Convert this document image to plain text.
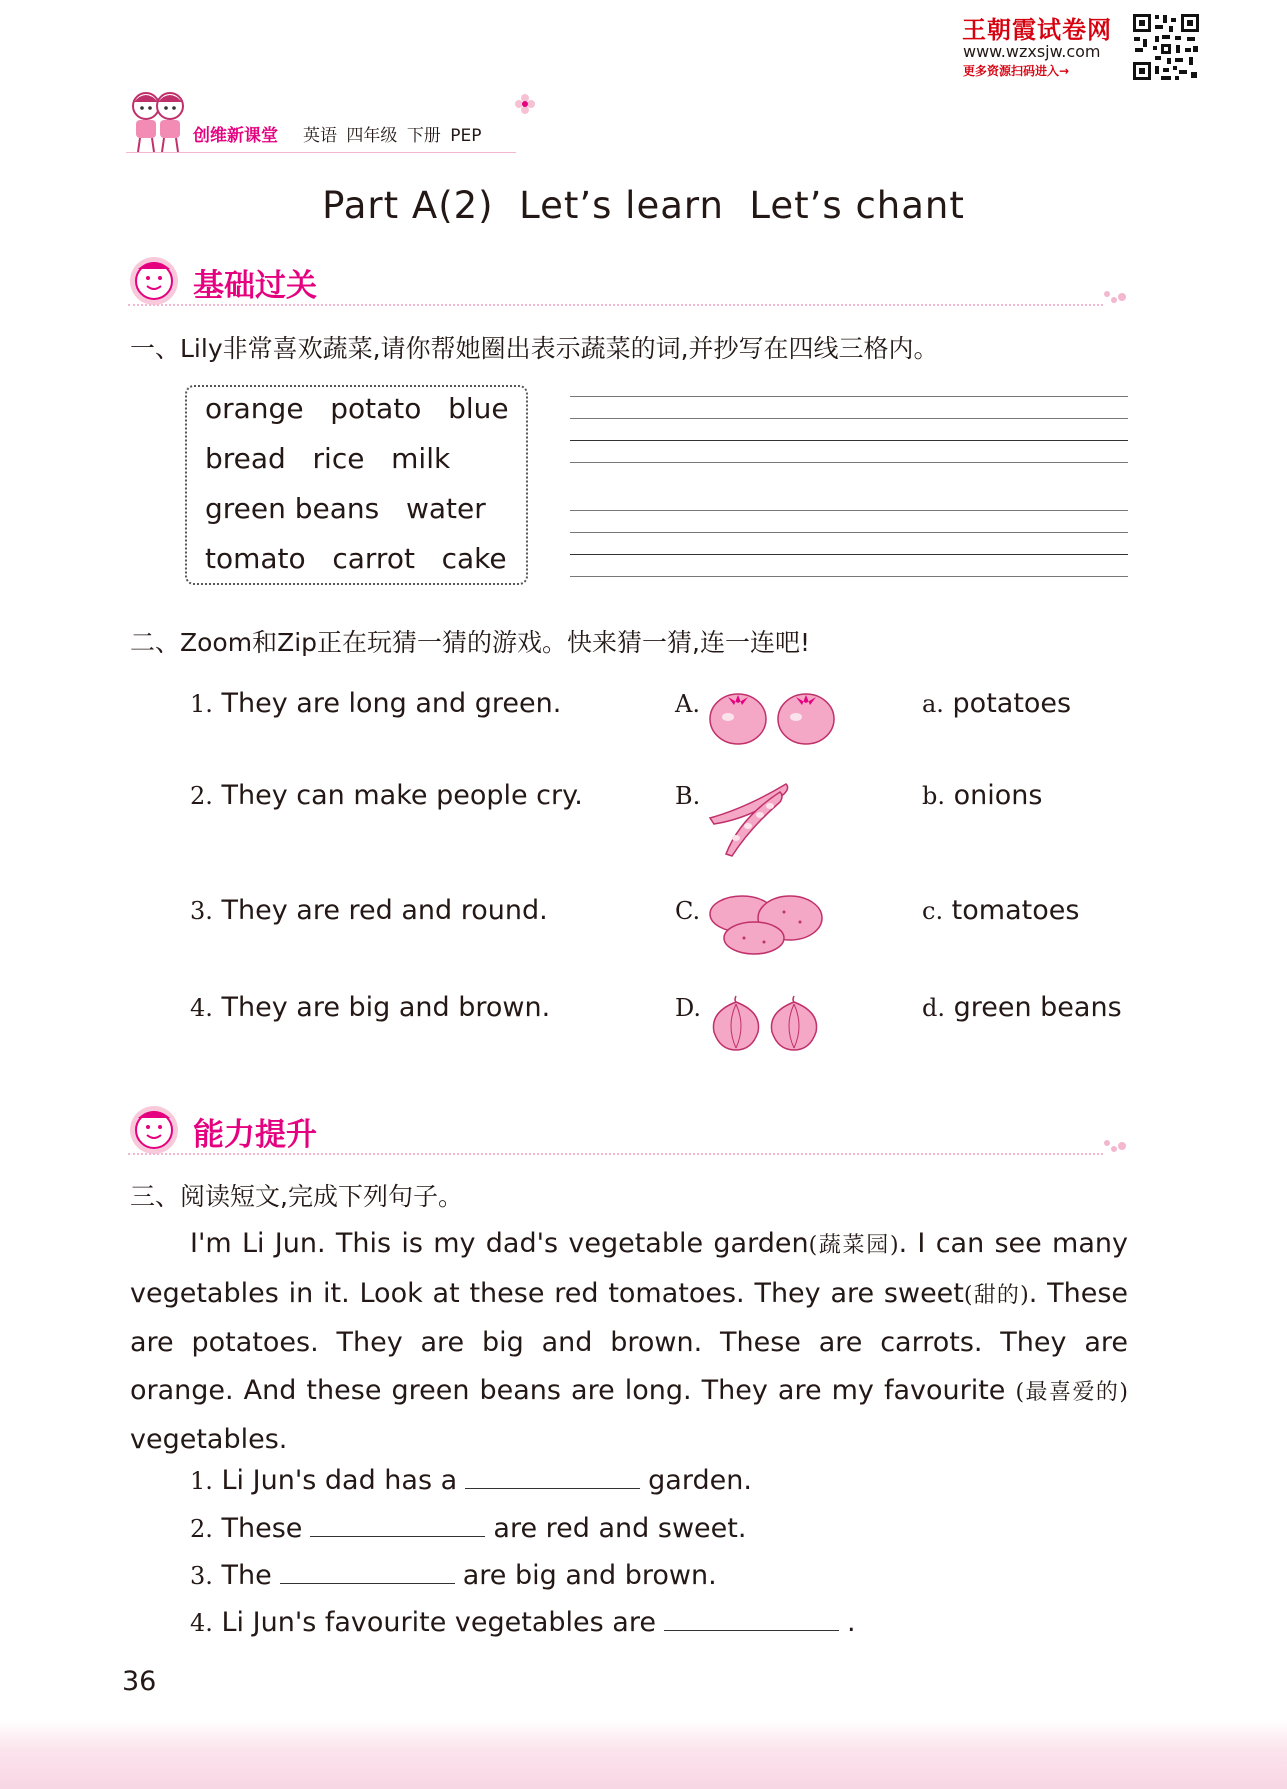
王朝霞试卷网
www.wzxsjw.com
更多资源扫码进入→
创维新课堂 英语 四年级 下册 PEP
Part A(2)  Let’s learn  Let’s chant
基础过关
一、Lily非常喜欢蔬菜,请你帮她圈出表示蔬菜的词,并抄写在四线三格内。
orange   potato   blue
bread   rice   milk
green beans   water
tomato   carrot   cake
二、Zoom和Zip正在玩猜一猜的游戏。快来猜一猜,连一连吧!
1. They are long and green.	A.	a. potatoes
2. They can make people cry.	B.	b. onions
3. They are red and round.	C.	c. tomatoes
4. They are big and brown.	D.	d. green beans
能力提升
三、阅读短文,完成下列句子。
I'm Li Jun. This is my dad's vegetable garden(蔬菜园). I can see many vegetables in it. Look at these red tomatoes. They are sweet(甜的). These are potatoes. They are big and brown. These are carrots. They are orange. And these green beans are long. They are my favourite (最喜爱的) vegetables.
1. Li Jun's dad has a	garden.
2. These	are red and sweet.
3. The	are big and brown.
4. Li Jun's favourite vegetables are	.
36
